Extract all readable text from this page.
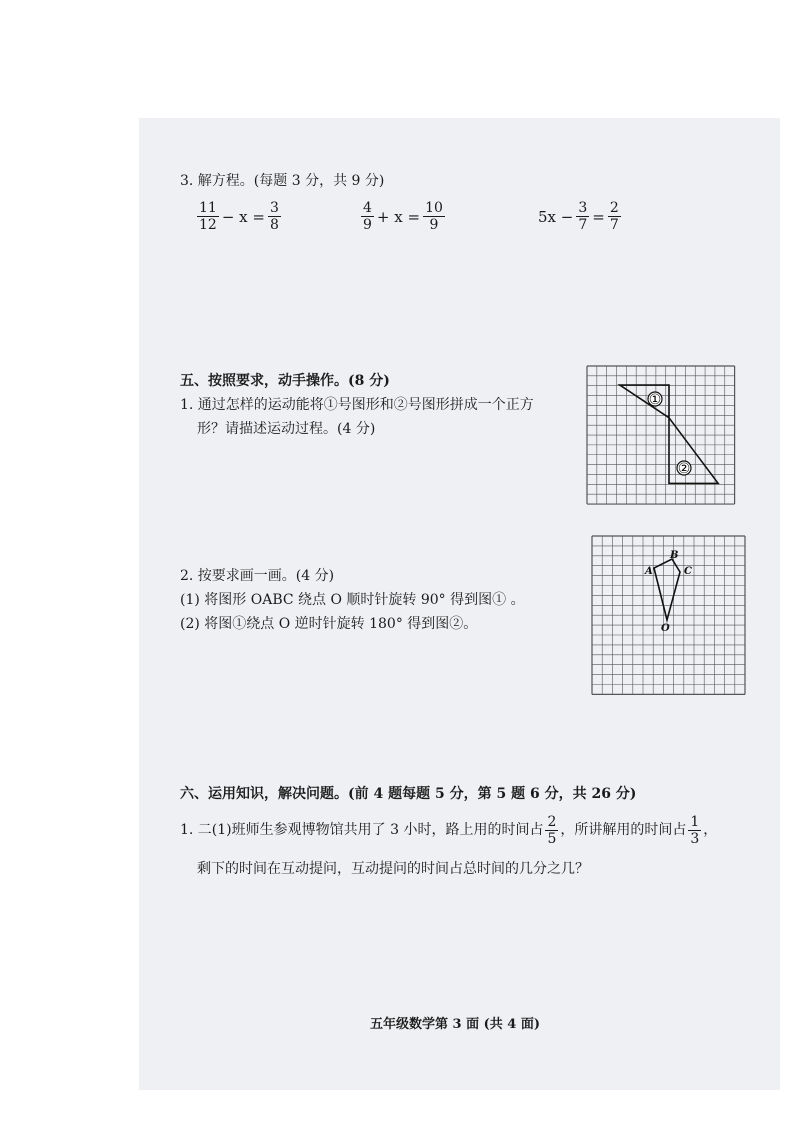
3. 解方程。(每题 3 分，共 9 分)
$\frac{11}{12} - x = \frac{3}{8}$	$\frac{4}{9} + x = \frac{10}{9}$	$5x - \frac{3}{7} = \frac{2}{7}$
五、按照要求，动手操作。(8 分)
1. 通过怎样的运动能将①号图形和②号图形拼成一个正方
形？请描述运动过程。(4 分)
①
②
2. 按要求画一画。(4 分)
(1) 将图形 OABC 绕点 O 顺时针旋转 90° 得到图① 。
(2) 将图①绕点 O 逆时针旋转 180° 得到图②。
A
B
C
O
六、运用知识，解决问题。(前 4 题每题 5 分，第 5 题 6 分，共 26 分)
1. 二(1)班师生参观博物馆共用了 3 小时，路上用的时间占 $\frac{2}{5}$ ，所讲解用的时间占 $\frac{1}{3}$ ，
剩下的时间在互动提问，互动提问的时间占总时间的几分之几？
五年级数学第 3 面 (共 4 面)
